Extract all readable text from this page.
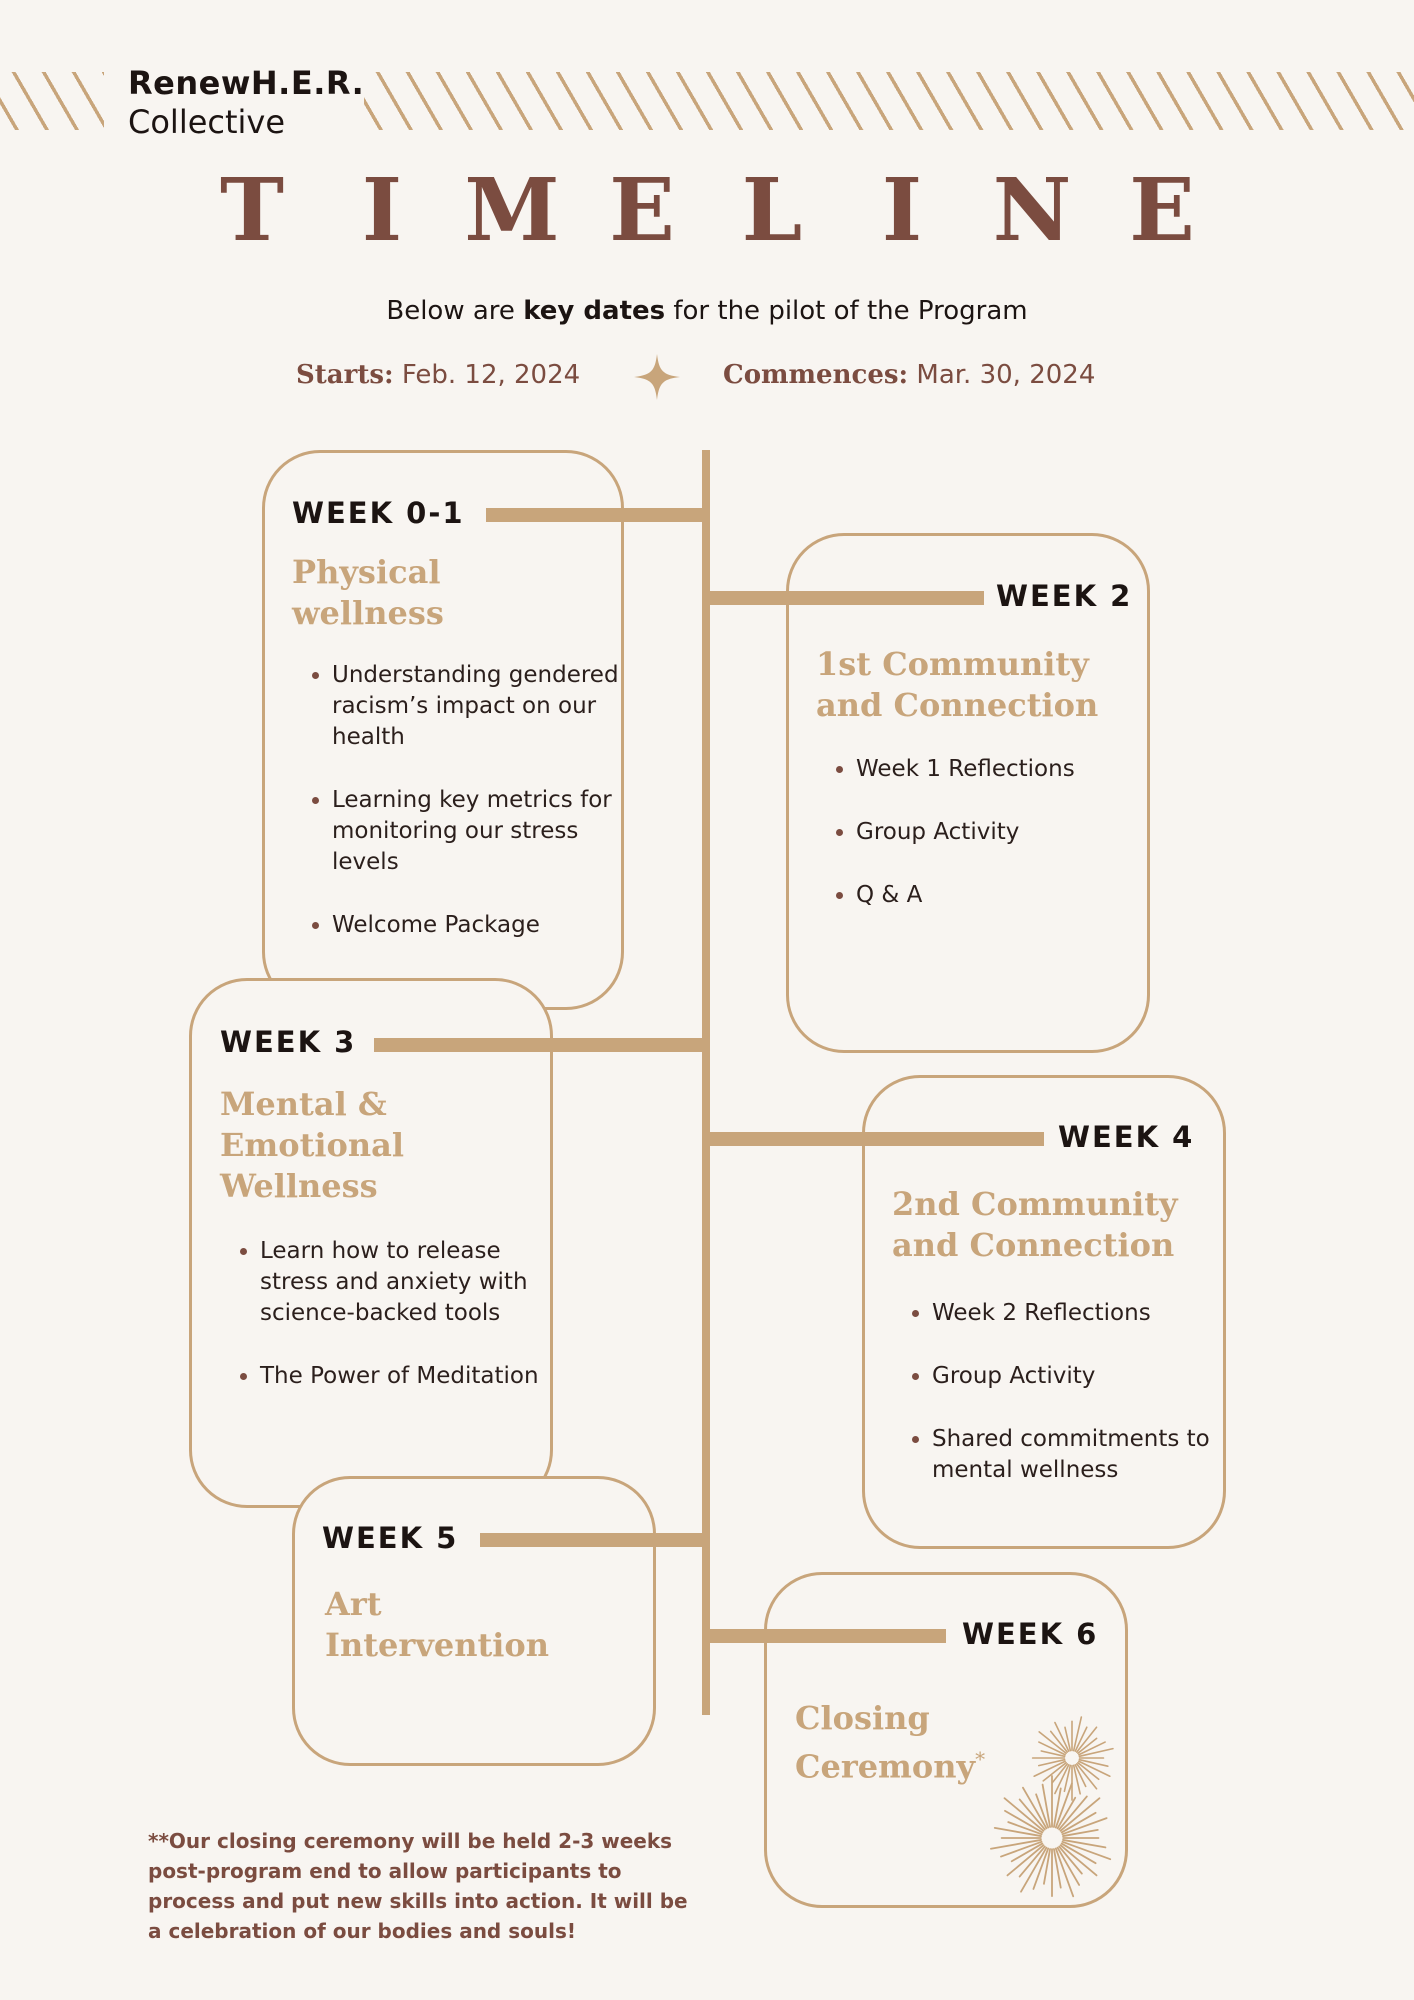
RenewH.E.R.
Collective
T I M E L I N E
Below are key dates for the pilot of the Program
Starts: Feb. 12, 2024	Commences: Mar. 30, 2024
WEEK 0-1
Physical
wellness
• Understanding gendered racism’s impact on our health
• Learning key metrics for monitoring our stress levels
• Welcome Package
WEEK 2
1st Community
and Connection
• Week 1 Reflections
• Group Activity
• Q & A
WEEK 3
Mental &
Emotional
Wellness
• Learn how to release stress and anxiety with science-backed tools
• The Power of Meditation
WEEK 4
2nd Community
and Connection
• Week 2 Reflections
• Group Activity
• Shared commitments to mental wellness
WEEK 5
Art
Intervention	WEEK 6
Closing
Ceremony*
**Our closing ceremony will be held 2-3 weeks post-program end to allow participants to process and put new skills into action. It will be a celebration of our bodies and souls!
